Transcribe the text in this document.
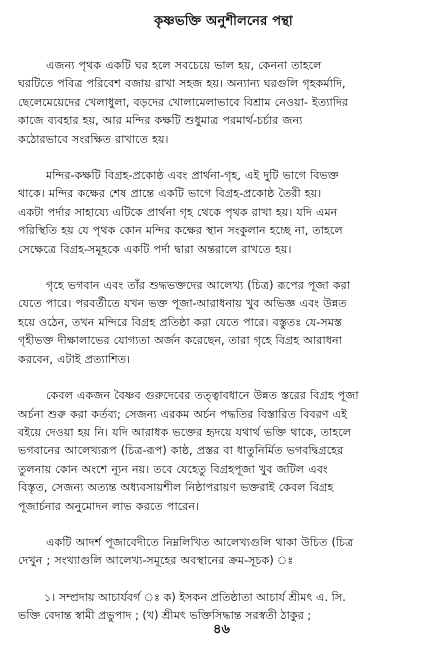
কৃষ্ণভক্তি অনুশীলনের পন্থা
এজন্য পৃথক একটি ঘর হলে সবচেয়ে ভাল হয়, কেননা তাহলে
ঘরটিতে পবিত্র পরিবেশ বজায় রাখা সহজ হয়। অন্যান্য ঘরগুলি গৃহকর্মাদি,
ছেলেমেয়েদের খেলাধুলা, বড়দের খোলামেলাভাবে বিশ্রাম নেওয়া- ইত্যাদির
কাজে ব্যবহার হয়, আর মন্দির কক্ষটি শুধুমাত্র পরমার্থ-চর্চার জন্য
কঠোরভাবে সংরক্ষিত রাখাতে হয়।
মন্দির-কক্ষটি বিগ্রহ-প্রকোষ্ঠ এবং প্রার্থনা-গৃহ, এই দুটি ভাগে বিভক্ত
থাকে। মন্দির কক্ষের শেষ প্রান্তে একটি ভাগে বিগ্রহ-প্রকোষ্ঠ তৈরী হয়।
একটা পর্দার সাহায্যে এটিকে প্রার্থনা গৃহ থেকে পৃথক রাখা হয়। যদি এমন
পরিস্থিতি হয় যে পৃথক কোন মন্দির কক্ষের স্থান সংকুলান হচ্ছে না, তাহলে
সেক্ষেত্রে বিগ্রহ-সমূহকে একটি পর্দা দ্বারা অন্তরালে রাখতে হয়।
গৃহে ভগবান এবং তাঁর শুদ্ধভক্তদের আলেখ্য (চিত্র) রূপের পূজা করা
যেতে পারে। পরবর্তীতে যখন ভক্ত পূজা-আরাধনায় খুব অভিজ্ঞ এবং উন্নত
হয়ে ওঠেন, তখন মন্দিরে বিগ্রহ প্রতিষ্ঠা করা যেতে পারে। বস্তুতঃ যে-সমস্ত
গৃহীভক্ত দীক্ষালাভের যোগ্যতা অর্জন করেছেন, তারা গৃহে বিগ্রহ আরাধনা
করবেন, এটাই প্রত্যাশিত।
কেবল একজন বৈষ্ণব গুরুদেবের তত্ত্বাবধানে উন্নত স্তরের বিগ্রহ পূজা
অর্চনা শুরু করা কর্তব্য; সেজন্য এরকম অর্চন পদ্ধতির বিস্তারিত বিবরণ এই
বইয়ে দেওয়া হয় নি। যদি আরাধক ভক্তের হৃদয়ে যথার্থ ভক্তি থাকে, তাহলে
ভগবানের আলেখ্যরূপ (চিত্র-রূপ) কাষ্ঠ, প্রস্তর বা ধাতুনির্মিত ভগবদ্বিগ্রহের
তুলনায় কোন অংশে ন্যূন নয়। তবে যেহেতু বিগ্রহপূজা খুব জটিল এবং
বিস্তৃত, সেজন্য অত্যন্ত অধ্যবসায়শীল নিষ্ঠাপরায়ণ ভক্তরাই কেবল বিগ্রহ
পূজার্চনার অনুমোদন লাভ করতে পারেন।
একটি আদর্শ পূজাবেদীতে নিম্নলিখিত আলেখ্যগুলি থাকা উচিত (চিত্র
দেখুন ; সংখ্যাগুলি আলেখ্য-সমূহের অবস্থানের ক্রম-সূচক) ঃ
১। সম্প্রদায় আচার্যবর্গ ঃ ক) ইসকন প্রতিষ্ঠাতা আচার্য শ্রীমৎ এ. সি.
ভক্তি বেদান্ত স্বামী প্রভুপাদ ; (খ) শ্রীমৎ ভক্তিসিদ্ধান্ত সরস্বতী ঠাকুর ;
৪৬
